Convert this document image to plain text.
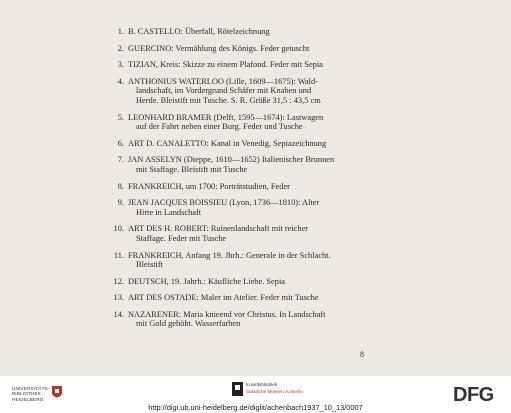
1. B. CASTELLO: Überfall, Rötelzeichnung
2. GUERCINO: Vermählung des Königs. Feder getuscht
3. TIZIAN, Kreis: Skizze zu einem Plafond. Feder mit Sepia
4. ANTHONIUS WATERLOO (Lille, 1609—1675): Wald-
landschaft, im Vordergrund Schäfer mit Knaben und
Herde. Bleistift mit Tusche. S. R. Größe 31,5 : 43,5 cm
5. LEONHARD BRAMER (Delft, 1595—1674): Lastwagen
auf der Fahrt neben einer Burg. Feder und Tusche
6. ART D. CANALETTO: Kanal in Venedig, Sepiazeichnung
7. JAN ASSELYN (Dieppe, 1610—1652) Italienischer Brunnen
mit Staffage. Bleistift mit Tusche
8. FRANKREICH, um 1700: Porträtstudien, Feder
9. JEAN JACQUES BOISSIEU (Lyon, 1736—1810): Alter
Hirte in Landschaft
10. ART DES H. ROBERT: Ruinenlandschaft mit reicher
Staffage. Feder mit Tusche
11. FRANKREICH, Anfang 19. Jhrh.: Generale in der Schlacht.
Bleistift
12. DEUTSCH, 19. Jahrh.: Käufliche Liebe. Sepia
13. ART DES OSTADE: Maler im Atelier. Feder mit Tusche
14. NAZARENER: Maria knieend vor Christus. In Landschaft
mit Gold gehöht. Wasserfarben
8
UNIVERSITÄTS-
BIBLIOTHEK
HEIDELBERG
Kunstbibliothek
Staatliche Museen zu Berlin	DFG
http://digi.ub.uni-heidelberg.de/diglit/achenbach1937_10_13/0007
